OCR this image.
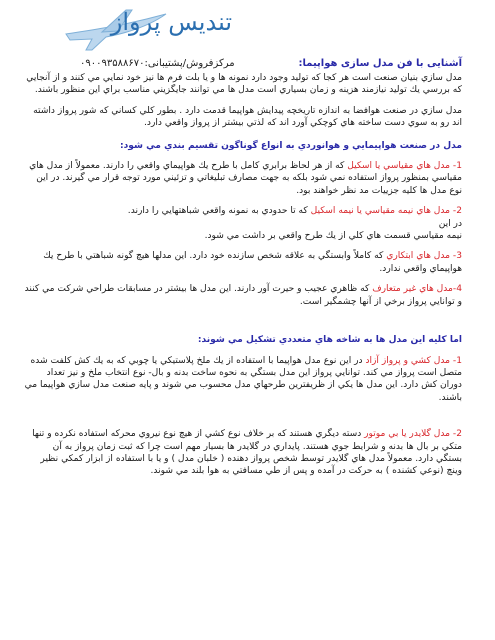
تندیس پرواز
مرکزفروش/پشتیبانی:۰۹۰۰۹۳۵۸۸۶۷۰	آشنایی با فن مدل سازی هواپیما:

مدل سازي بنيان صنعت است هر كجا كه توليد وجود دارد نمونه ها و يا بلت فرم ها نيز خود نمايي مي كنند و از آنجايي كه بررسي يك توليد نيازمند هزينه و زمان بسياري است مدل ها مي توانند جايگزيني مناسب براي اين منظور باشند.

مدل سازي در صنعت هوافضا به اندازه تاريخچه پيدايش هواپيما قدمت دارد . بطور كلي كساني كه شور پرواز داشته اند رو به سوي دست ساخته هاي كوچكي آورد اند كه لذتي بيشتر از پرواز واقعي دارد.

مدل در صنعت هواپيمايي و هوانوردي به انواع گوناگون تقسيم بندي مي شود:

1- مدل هاي مقياسي يا اسكيل كه از هر لحاظ برابري كامل با طرح يك هواپيماي واقعي را دارند. معمولاً از مدل هاي مقياسي بمنظور پرواز استفاده نمي شود بلكه به جهت مصارف تبليغاتي و تزئيني مورد توجه قرار مي گيرند. در اين نوع مدل ها كليه جزييات مد نظر خواهند بود.

2- مدل هاي نيمه مقياسي يا نيمه اسكيل كه تا حدودي به نمونه واقعي شباهتهايي را دارند.

در اين

نيمه مقياسي قسمت هاي كلي از يك طرح واقعي بر داشت مي شود.

3- مدل هاي ابتكاري كه كاملاً وابستگي به علاقه شخص سازنده خود دارد. اين مدلها هيچ گونه شباهتي با طرح يك هواپيماي واقعي ندارد.

4-مدل هاي غير متعارف كه ظاهري عجيب و حيرت آور دارند. اين مدل ها بيشتر در مسابقات طراحي شركت مي كنند و توانايي پرواز برخي از آنها چشمگير است.

اما كليه اين مدل ها به شاخه هاي متعددي تشكيل مي شوند:

1- مدل كشي و پرواز آزاد در اين نوع مدل هواپيما با استفاده از يك ملخ پلاستيكي يا چوبي كه به يك كش كلفت شده متصل است پرواز مي كند. توانايي پرواز اين مدل بستگي به نحوه ساخت بدنه و بال- نوع انتخاب ملخ و نيز تعداد دوران كش دارد. اين مدل ها يكي از ظريفترين طرحهاي مدل محسوب مي شوند و پايه صنعت مدل سازي هواپيما مي باشند.

2- مدل گلايدر يا بي موتور دسته ديگري هستند كه بر خلاف نوع كشي از هيچ نوع نيروي محركه استفاده نكرده و تنها متكي بر بال ها بدنه و شرايط جوي هستند. پايداري در گلايدر ها بسيار مهم است چرا كه ثبت زمان پرواز به آن بستگي دارد. معمولاً مدل هاي گلايدر توسط شخص پرواز دهنده ( خلبان مدل ) و يا با استفاده از ابزار كمكي نظير وينچ (نوعي كشنده ) به حركت در آمده و پس از طي مسافتي به هوا بلند مي شوند.
